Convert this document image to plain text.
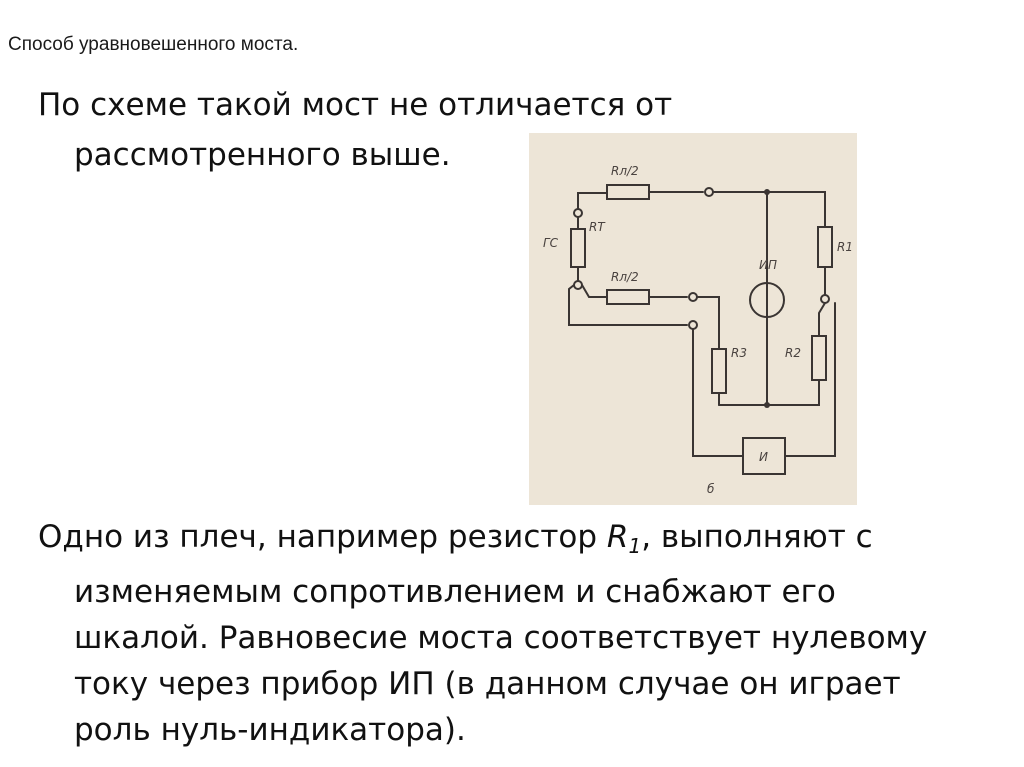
Способ уравновешенного моста.
По схеме такой мост не отличается от
рассмотренного выше.	Rл/2
Rл/2
ГС
RT
ИП
R1
R2
R3
И
б
Одно из плеч, например резистор $R_1$, выполняют с
изменяемым сопротивлением и снабжают его
шкалой. Равновесие моста соответствует нулевому
току через прибор ИП (в данном случае он играет
роль нуль-индикатора).
